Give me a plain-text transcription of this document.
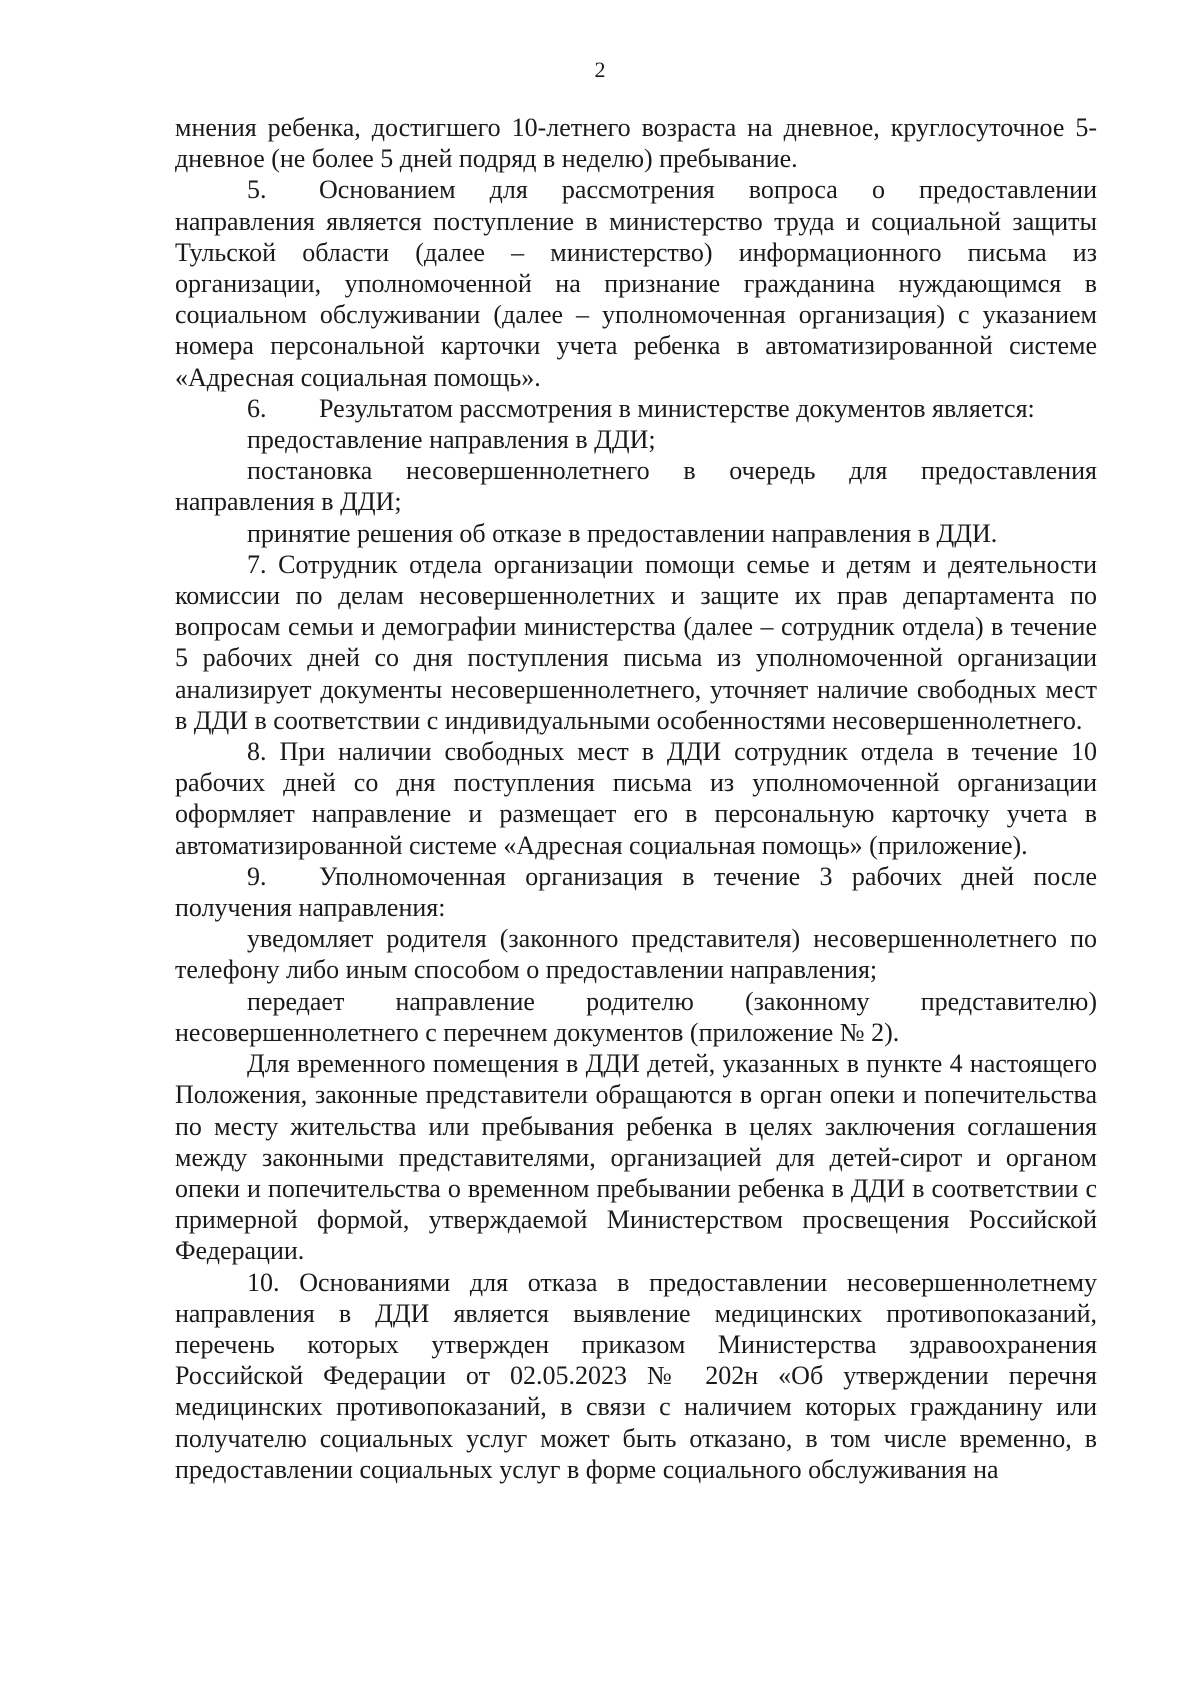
2

мнения ребенка, достигшего 10-летнего возраста на дневное, круглосуточное 5-дневное (не более 5 дней подряд в неделю) пребывание.

5. Основанием для рассмотрения вопроса о предоставлении направления является поступление в министерство труда и социальной защиты Тульской области (далее – министерство) информационного письма из организации, уполномоченной на признание гражданина нуждающимся в социальном обслуживании (далее – уполномоченная организация) с указанием номера персональной карточки учета ребенка в автоматизированной системе «Адресная социальная помощь».

6. Результатом рассмотрения в министерстве документов является:

предоставление направления в ДДИ;

постановка несовершеннолетнего в очередь для предоставления направления в ДДИ;

принятие решения об отказе в предоставлении направления в ДДИ.

7. Сотрудник отдела организации помощи семье и детям и деятельности комиссии по делам несовершеннолетних и защите их прав департамента по вопросам семьи и демографии министерства (далее – сотрудник отдела) в течение 5 рабочих дней со дня поступления письма из уполномоченной организации анализирует документы несовершеннолетнего, уточняет наличие свободных мест в ДДИ в соответствии с индивидуальными особенностями несовершеннолетнего.

8. При наличии свободных мест в ДДИ сотрудник отдела в течение 10 рабочих дней со дня поступления письма из уполномоченной организации оформляет направление и размещает его в персональную карточку учета в автоматизированной системе «Адресная социальная помощь» (приложение).

9. Уполномоченная организация в течение 3 рабочих дней после получения направления:

уведомляет родителя (законного представителя) несовершеннолетнего по телефону либо иным способом о предоставлении направления;

передает направление родителю (законному представителю) несовершеннолетнего с перечнем документов (приложение № 2).

Для временного помещения в ДДИ детей, указанных в пункте 4 настоящего Положения, законные представители обращаются в орган опеки и попечительства по месту жительства или пребывания ребенка в целях заключения соглашения между законными представителями, организацией для детей-сирот и органом опеки и попечительства о временном пребывании ребенка в ДДИ в соответствии с примерной формой, утверждаемой Министерством просвещения Российской Федерации.

10. Основаниями для отказа в предоставлении несовершеннолетнему направления в ДДИ является выявление медицинских противопоказаний, перечень которых утвержден приказом Министерства здравоохранения Российской Федерации от 02.05.2023 № 202н «Об утверждении перечня медицинских противопоказаний, в связи с наличием которых гражданину или получателю социальных услуг может быть отказано, в том числе временно, в предоставлении социальных услуг в форме социального обслуживания на
